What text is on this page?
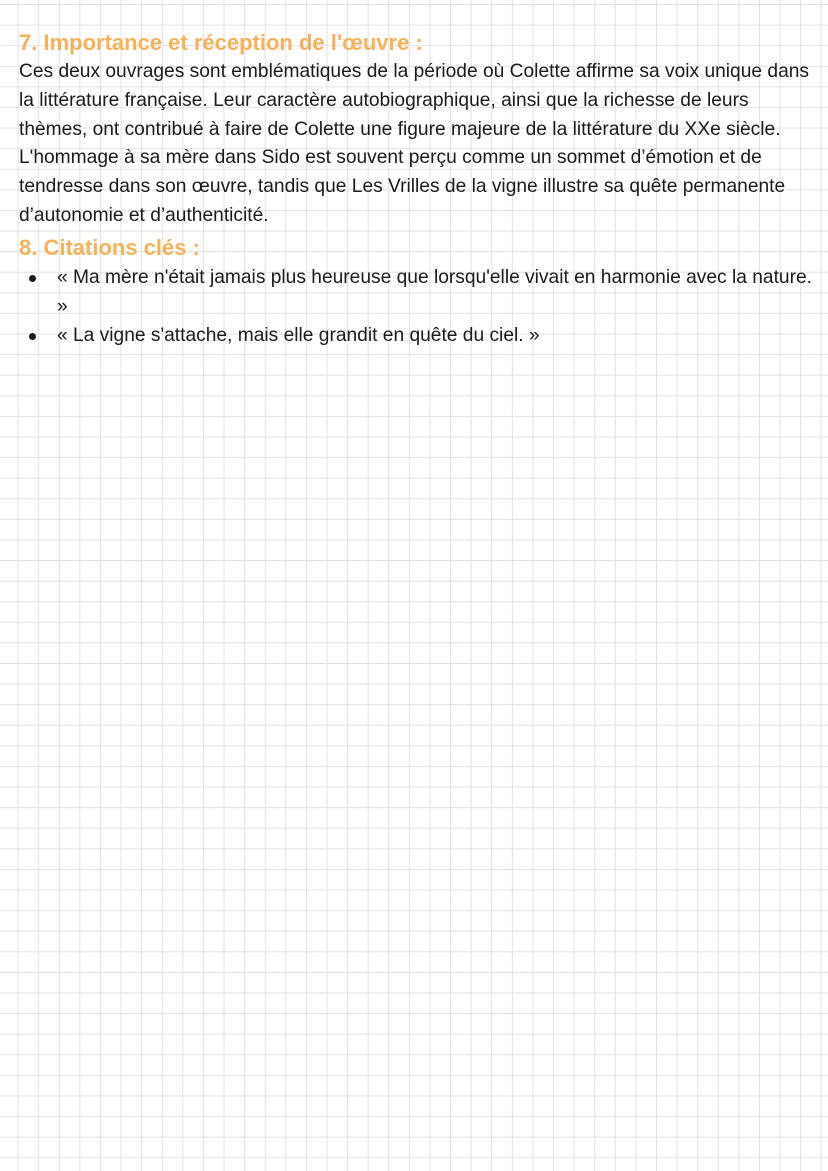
7. Importance et réception de l'œuvre :

Ces deux ouvrages sont emblématiques de la période où Colette affirme sa voix unique dans la littérature française. Leur caractère autobiographique, ainsi que la richesse de leurs thèmes, ont contribué à faire de Colette une figure majeure de la littérature du XXe siècle. L'hommage à sa mère dans Sido est souvent perçu comme un sommet d’émotion et de tendresse dans son œuvre, tandis que Les Vrilles de la vigne illustre sa quête permanente d’autonomie et d’authenticité.

8. Citations clés :
« Ma mère n'était jamais plus heureuse que lorsqu'elle vivait en harmonie avec la nature. »
« La vigne s'attache, mais elle grandit en quête du ciel. »
